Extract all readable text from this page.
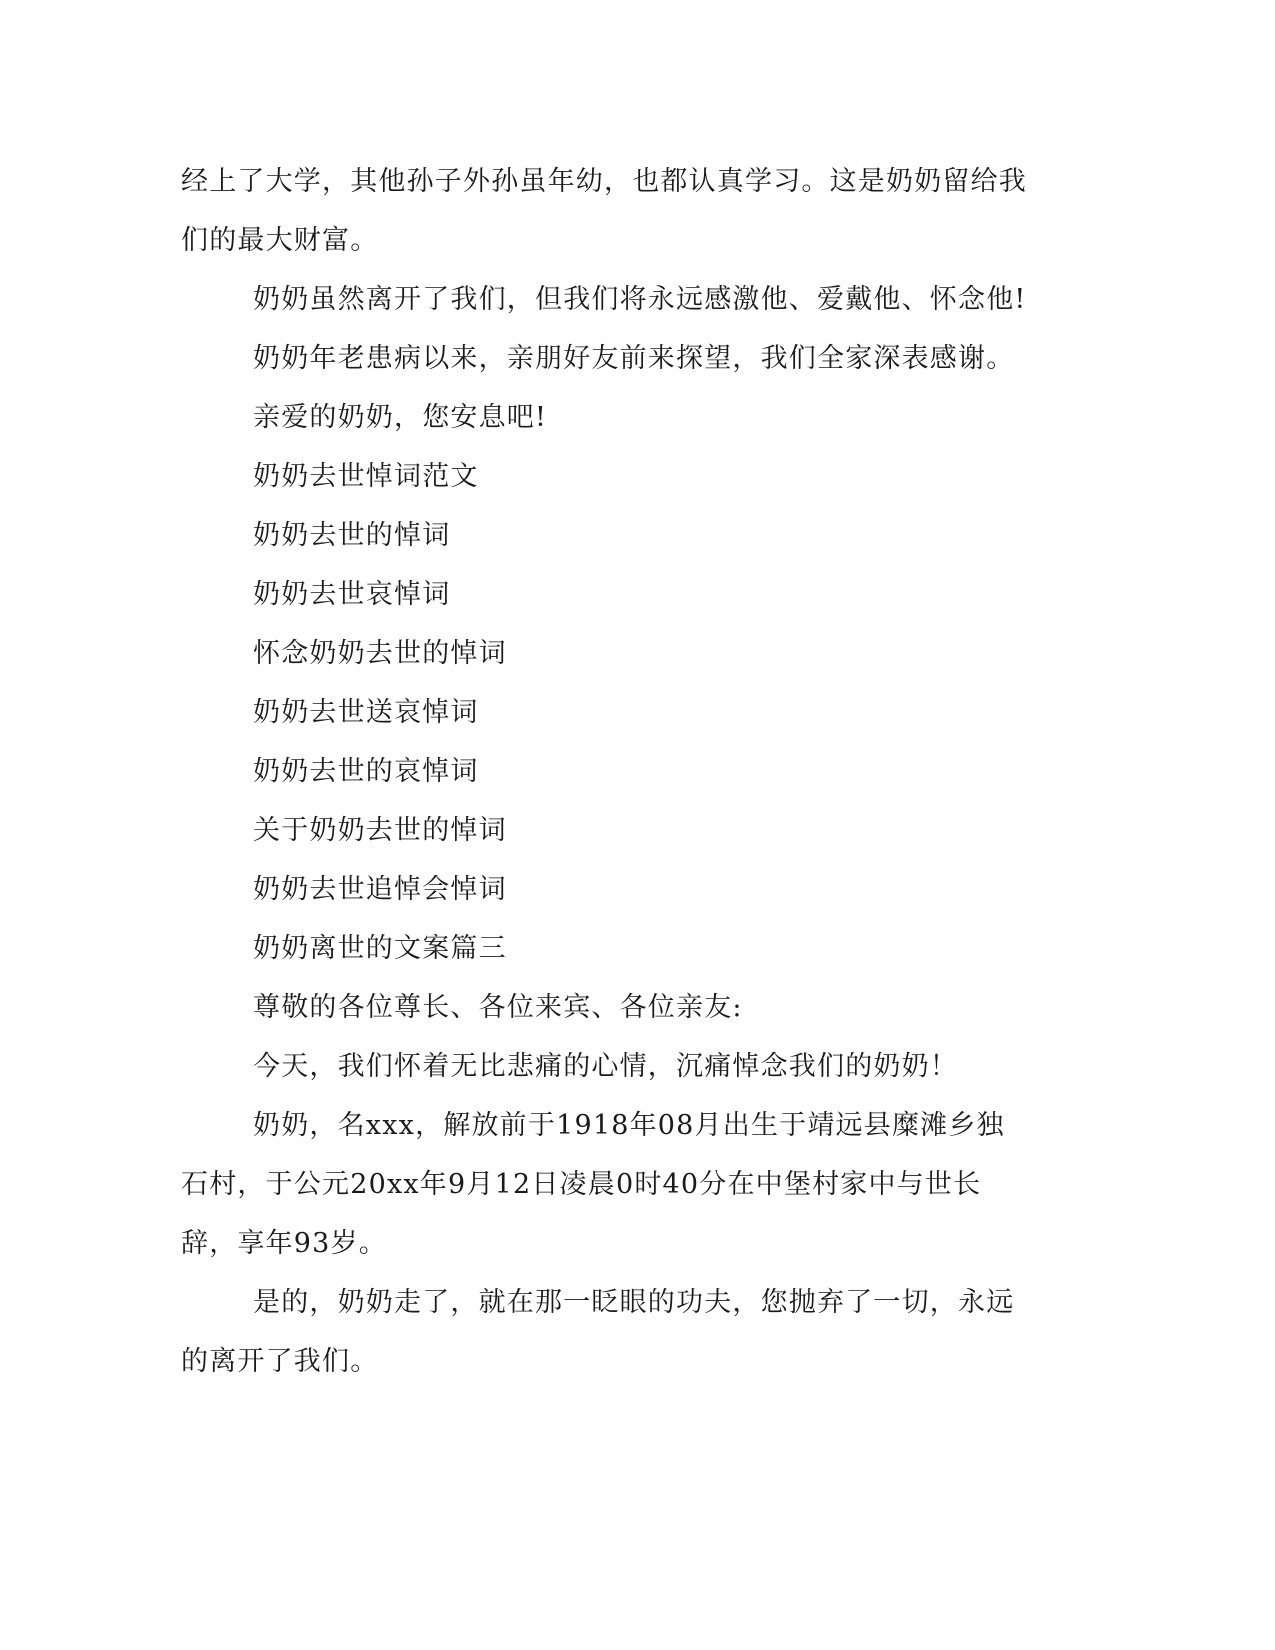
经上了大学，其他孙子外孙虽年幼，也都认真学习。这是奶奶留给我们的最大财富。

奶奶虽然离开了我们，但我们将永远感激他、爱戴他、怀念他!

奶奶年老患病以来，亲朋好友前来探望，我们全家深表感谢。

亲爱的奶奶，您安息吧!

奶奶去世悼词范文

奶奶去世的悼词

奶奶去世哀悼词

怀念奶奶去世的悼词

奶奶去世送哀悼词

奶奶去世的哀悼词

关于奶奶去世的悼词

奶奶去世追悼会悼词

奶奶离世的文案篇三

尊敬的各位尊长、各位来宾、各位亲友:

今天，我们怀着无比悲痛的心情，沉痛悼念我们的奶奶！

奶奶，名xxx，解放前于1918年08月出生于靖远县糜滩乡独石村，于公元20xx年9月12日凌晨0时40分在中堡村家中与世长辞，享年93岁。

是的，奶奶走了，就在那一眨眼的功夫，您抛弃了一切，永远的离开了我们。
